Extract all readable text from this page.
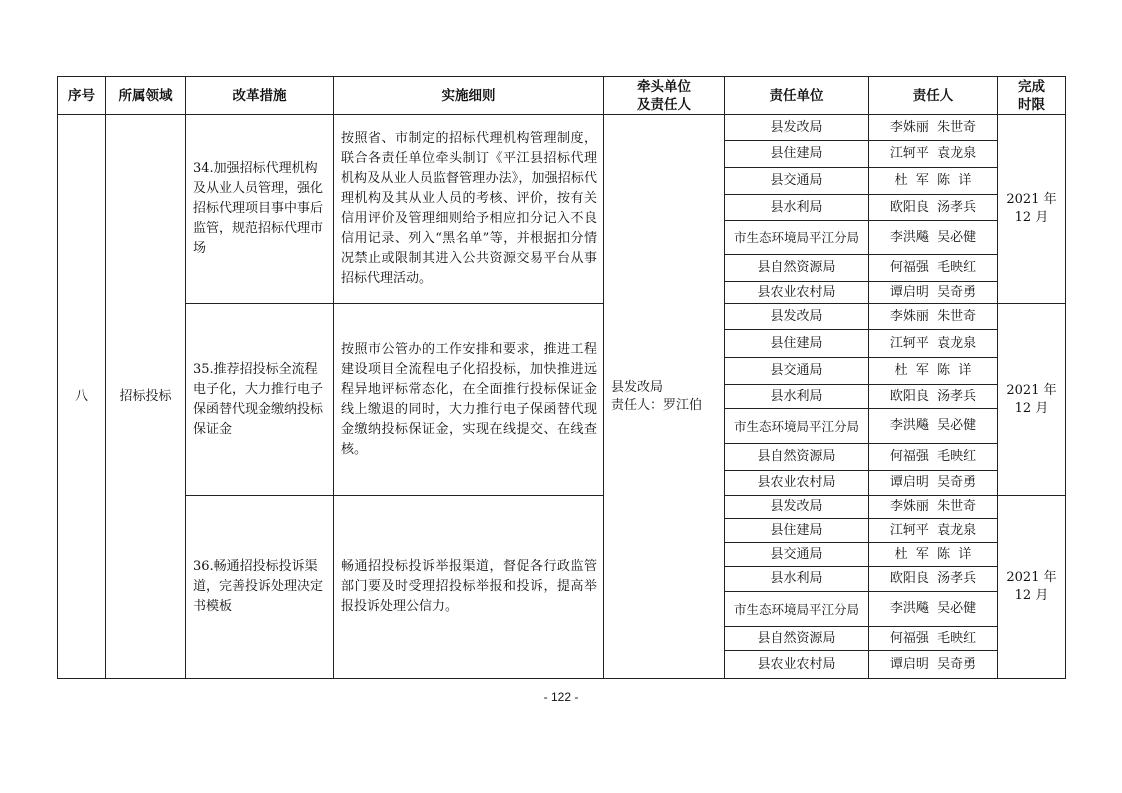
序号	所属领域	改革措施	实施细则	牵头单位
及责任人	责任单位	责任人	完成
时限
八	招标投标	34.加强招标代理机构及从业人员管理，强化招标代理项目事中事后监管，规范招标代理市场	按照省、市制定的招标代理机构管理制度，联合各责任单位牵头制订《平江县招标代理机构及从业人员监督管理办法》，加强招标代理机构及其从业人员的考核、评价，按有关信用评价及管理细则给予相应扣分记入不良信用记录、列入“黑名单”等，并根据扣分情况禁止或限制其进入公共资源交易平台从事招标代理活动。	县发改局
责任人：罗江伯	县发改局	李姝丽  朱世奇	2021 年
12 月
					县住建局	江轲平  袁龙泉	
					县交通局	杜  军  陈  详	
					县水利局	欧阳良  汤孝兵	
					市生态环境局平江分局	李洪飚  吴必健	
					县自然资源局	何福强  毛映红	
					县农业农村局	谭启明  吴奇勇	
		35.推荐招投标全流程电子化，大力推行电子保函替代现金缴纳投标保证金	按照市公管办的工作安排和要求，推进工程建设项目全流程电子化招投标，加快推进远程异地评标常态化，在全面推行投标保证金线上缴退的同时，大力推行电子保函替代现金缴纳投标保证金，实现在线提交、在线查核。		县发改局	李姝丽  朱世奇	2021 年
12 月
					县住建局	江轲平  袁龙泉	
					县交通局	杜  军  陈  详	
					县水利局	欧阳良  汤孝兵	
					市生态环境局平江分局	李洪飚  吴必健	
					县自然资源局	何福强  毛映红	
					县农业农村局	谭启明  吴奇勇	
		36.畅通招投标投诉渠道，完善投诉处理决定书模板	畅通招投标投诉举报渠道，督促各行政监管部门要及时受理招投标举报和投诉，提高举报投诉处理公信力。		县发改局	李姝丽  朱世奇	2021 年
12 月
					县住建局	江轲平  袁龙泉	
					县交通局	杜  军  陈  详	
					县水利局	欧阳良  汤孝兵	
					市生态环境局平江分局	李洪飚  吴必健	
					县自然资源局	何福强  毛映红	
					县农业农村局	谭启明  吴奇勇	
- 122 -
